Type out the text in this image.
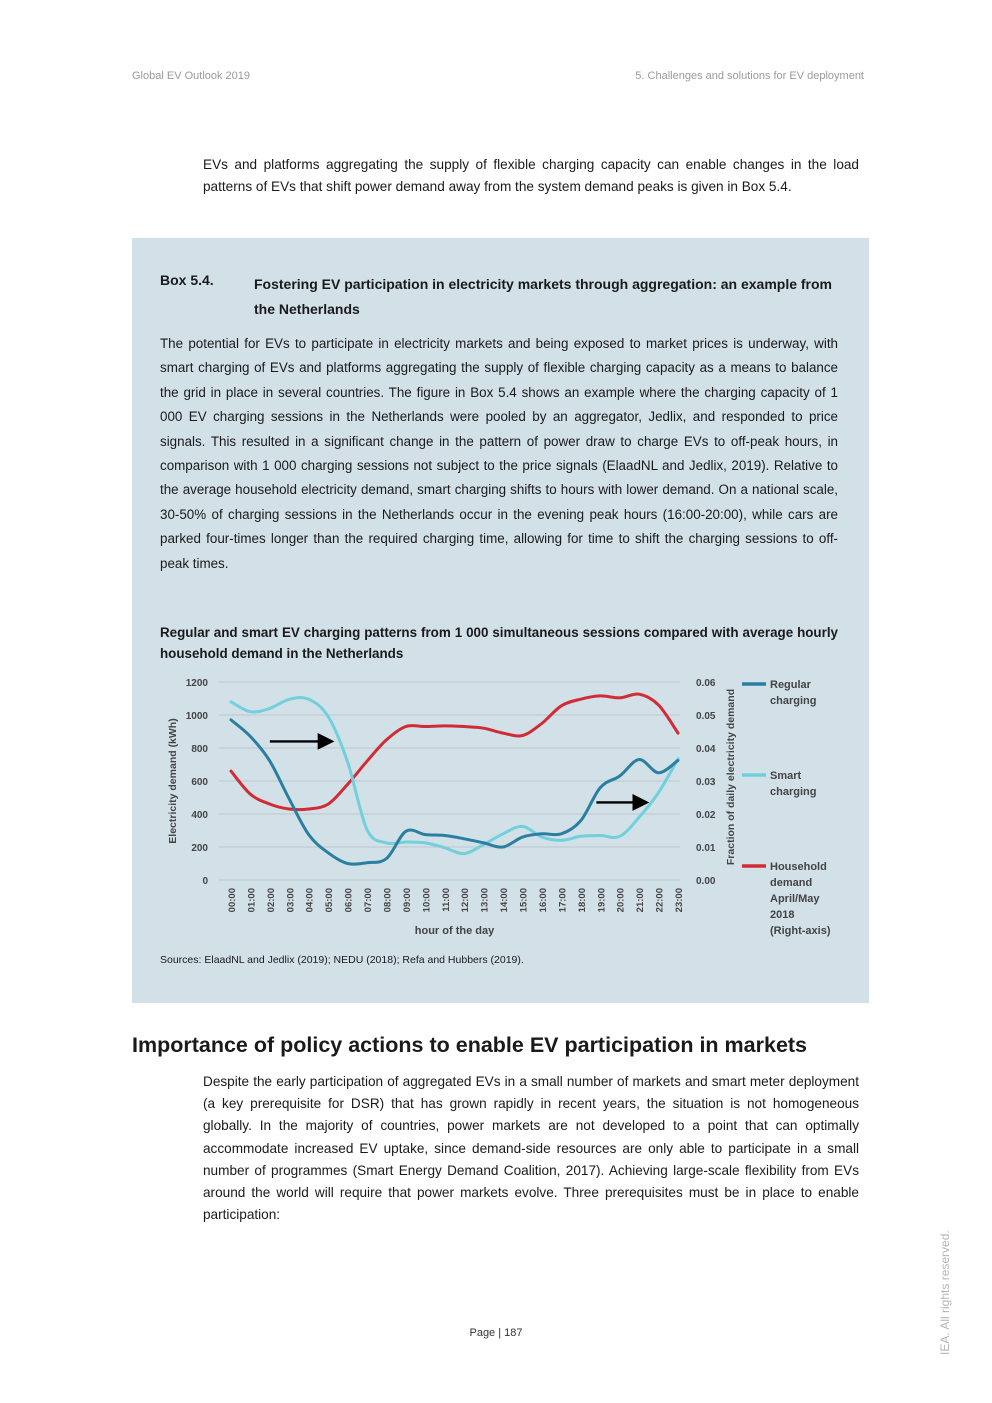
Global EV Outlook 2019	5. Challenges and solutions for EV deployment

EVs and platforms aggregating the supply of flexible charging capacity can enable changes in the load patterns of EVs that shift power demand away from the system demand peaks is given in Box 5.4.

Box 5.4.	Fostering EV participation in electricity markets through aggregation: an example from the Netherlands

The potential for EVs to participate in electricity markets and being exposed to market prices is underway, with smart charging of EVs and platforms aggregating the supply of flexible charging capacity as a means to balance the grid in place in several countries. The figure in Box 5.4 shows an example where the charging capacity of 1 000 EV charging sessions in the Netherlands were pooled by an aggregator, Jedlix, and responded to price signals. This resulted in a significant change in the pattern of power draw to charge EVs to off-peak hours, in comparison with 1 000 charging sessions not subject to the price signals (ElaadNL and Jedlix, 2019). Relative to the average household electricity demand, smart charging shifts to hours with lower demand. On a national scale, 30-50% of charging sessions in the Netherlands occur in the evening peak hours (16:00-20:00), while cars are parked four-times longer than the required charging time, allowing for time to shift the charging sessions to off-peak times.

Regular and smart EV charging patterns from 1 000 simultaneous sessions compared with average hourly household demand in the Netherlands
0
200
400
600
800
1000
1200
0.00
0.01
0.02
0.03
0.04
0.05
0.06
00:00 01:00 02:00 03:00 04:00 05:00 06:00 07:00 08:00 09:00 10:00 11:00 12:00 13:00 14:00 15:00 16:00 17:00 18:00 19:00 20:00 21:00 22:00 23:00
hour of the day
Electricity demand (kWh)	Fraction of daily electricity demand
Regular charging
Smart charging
Household demand April/May 2018 (Right-axis)
Sources: ElaadNL and Jedlix (2019); NEDU (2018); Refa and Hubbers (2019).
Importance of policy actions to enable EV participation in markets

Despite the early participation of aggregated EVs in a small number of markets and smart meter deployment (a key prerequisite for DSR) that has grown rapidly in recent years, the situation is not homogeneous globally. In the majority of countries, power markets are not developed to a point that can optimally accommodate increased EV uptake, since demand-side resources are only able to participate in a small number of programmes (Smart Energy Demand Coalition, 2017). Achieving large-scale flexibility from EVs around the world will require that power markets evolve. Three prerequisites must be in place to enable participation:

Page | 187	IEA. All rights reserved.
